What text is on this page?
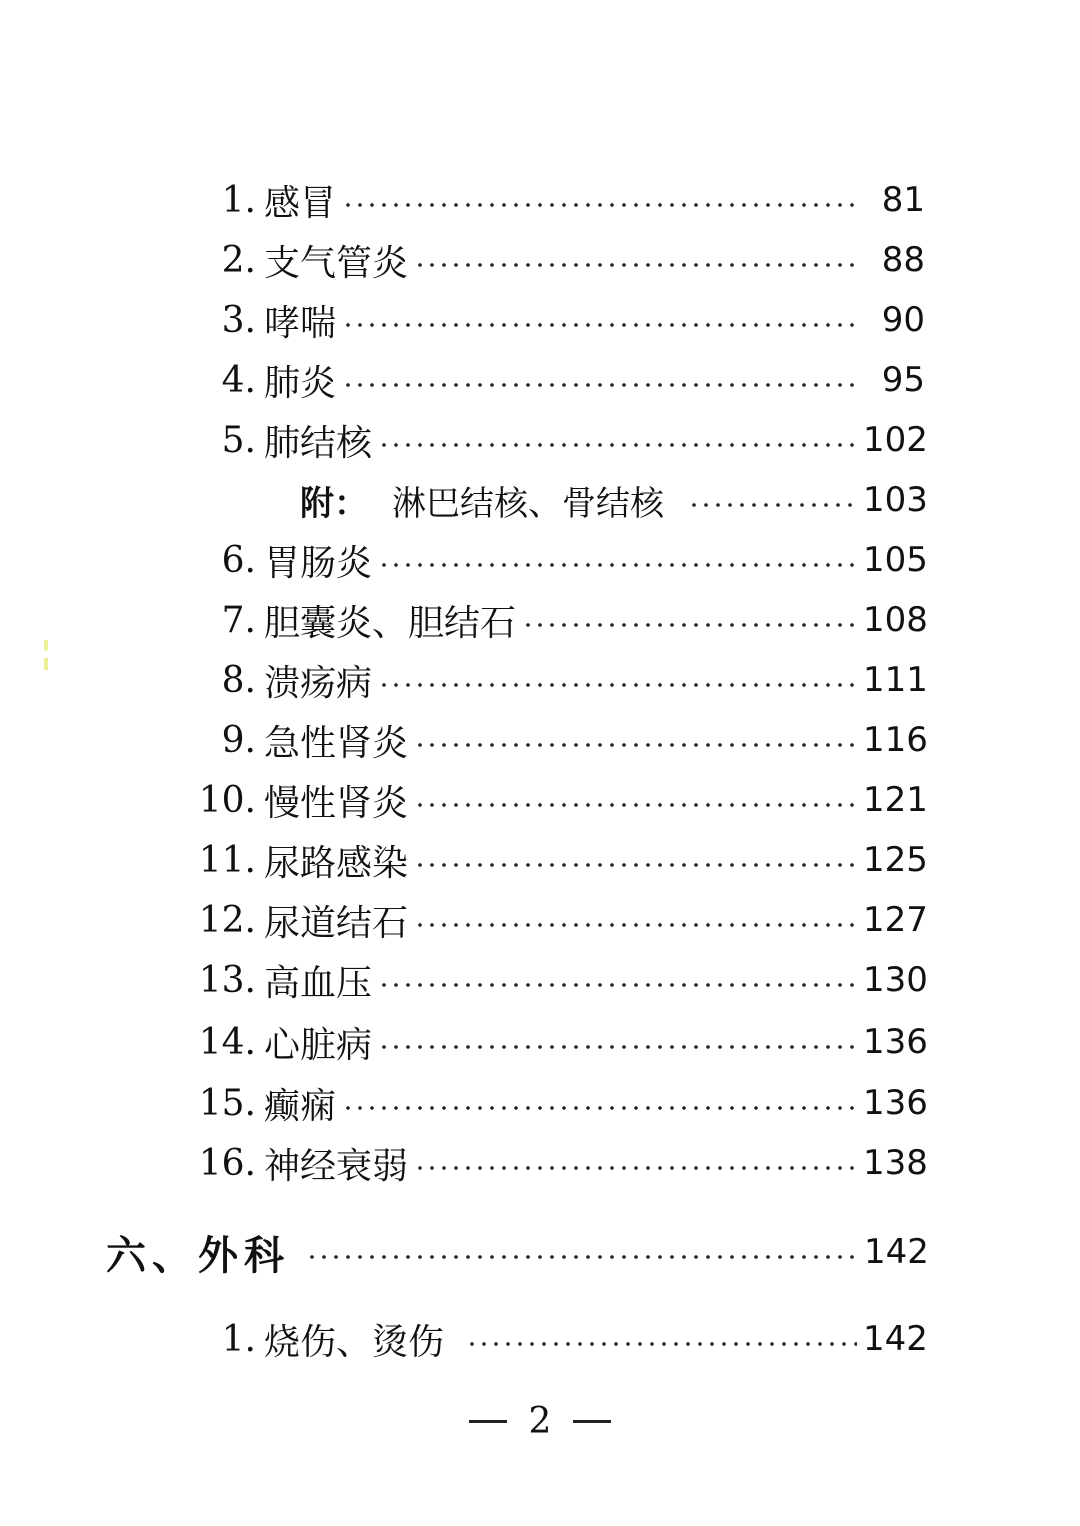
1. 感冒	81
2. 支气管炎	88
3. 哮喘	90
4. 肺炎	95
5. 肺结核	102
附： 淋巴结核、骨结核	103
6. 胃肠炎	105
7. 胆囊炎、胆结石	108
8. 溃疡病	111
9. 急性肾炎	116
10. 慢性肾炎	121
11. 尿路感染	125
12. 尿道结石	127
13. 高血压	130
14. 心脏病	136
15. 癫痫	136
16. 神经衰弱	138
六、外科	142
1. 烧伤、烫伤	142
2
